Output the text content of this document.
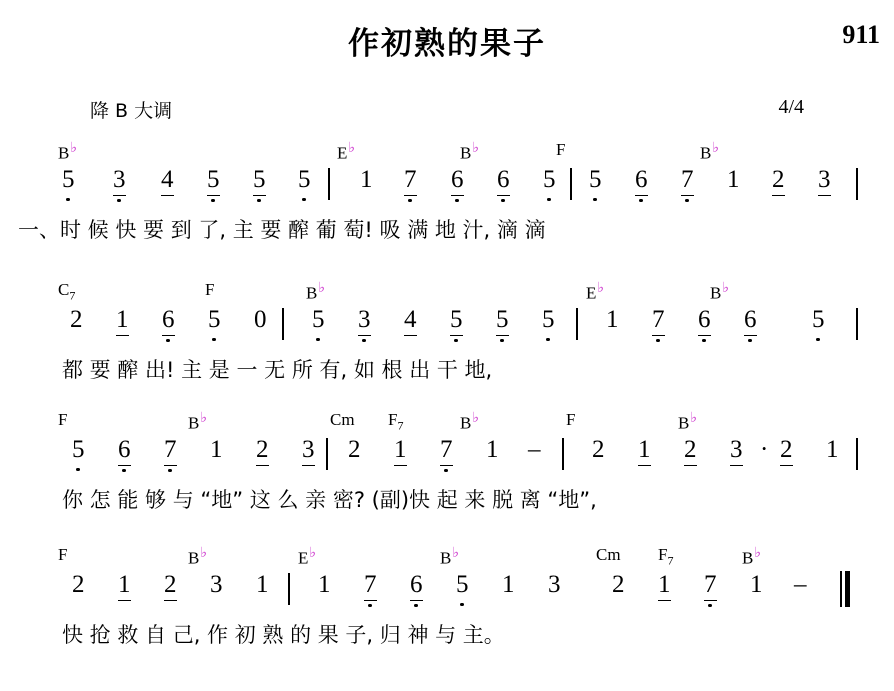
作初熟的果子	911
降 B 大调	4/4
B♭	E♭	B♭	F	B♭
5 3 4 5 5 5 1 7 6 6 5 5 6 7 1 2 3
一、时 候 快 要 到 了, 主 要 醡 葡 萄! 吸 满 地 汁, 滴 滴
$C_7$	F	B♭	E♭	B♭
2 1 6 5 0 5 3 4 5 5 5 1 7 6 6 5
都 要 醡 出! 主 是 一 无 所 有, 如 根 出 干 地,
F	B♭	Cm $F_7$	B♭	F	B♭
5 6 7 1 2 3 2 1 7 1 – 2 1 2 3 · 2 1
你 怎 能 够 与 “地” 这 么 亲 密? (副)快 起 来 脱 离 “地”,
F	B♭	E♭	B♭	Cm $F_7$	B♭
2 1 2 3 1 1 7 6 5 1 3 2 1 7 1 –
快 抢 救 自 己, 作 初 熟 的 果 子, 归 神 与 主。
